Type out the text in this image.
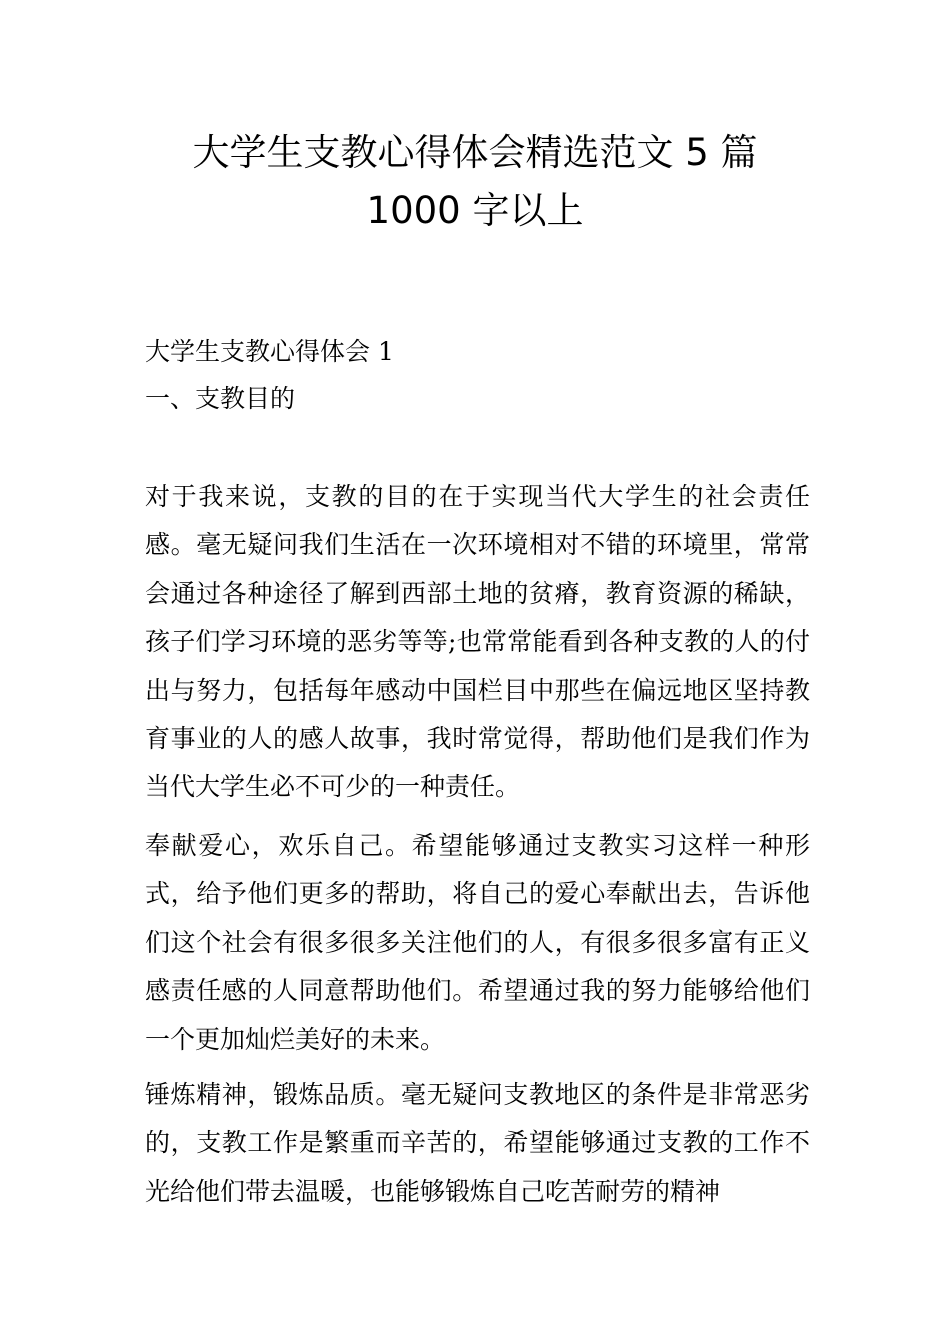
大学生支教心得体会精选范文 5 篇 1000 字以上
大学生支教心得体会 1
一、支教目的

对于我来说，支教的目的在于实现当代大学生的社会责任感。毫无疑问我们生活在一次环境相对不错的环境里，常常会通过各种途径了解到西部土地的贫瘠，教育资源的稀缺，孩子们学习环境的恶劣等等;也常常能看到各种支教的人的付出与努力，包括每年感动中国栏目中那些在偏远地区坚持教育事业的人的感人故事，我时常觉得，帮助他们是我们作为当代大学生必不可少的一种责任。

奉献爱心，欢乐自己。希望能够通过支教实习这样一种形式，给予他们更多的帮助，将自己的爱心奉献出去，告诉他们这个社会有很多很多关注他们的人，有很多很多富有正义感责任感的人同意帮助他们。希望通过我的努力能够给他们一个更加灿烂美好的未来。

锤炼精神，锻炼品质。毫无疑问支教地区的条件是非常恶劣的，支教工作是繁重而辛苦的，希望能够通过支教的工作不光给他们带去温暖，也能够锻炼自己吃苦耐劳的精神
